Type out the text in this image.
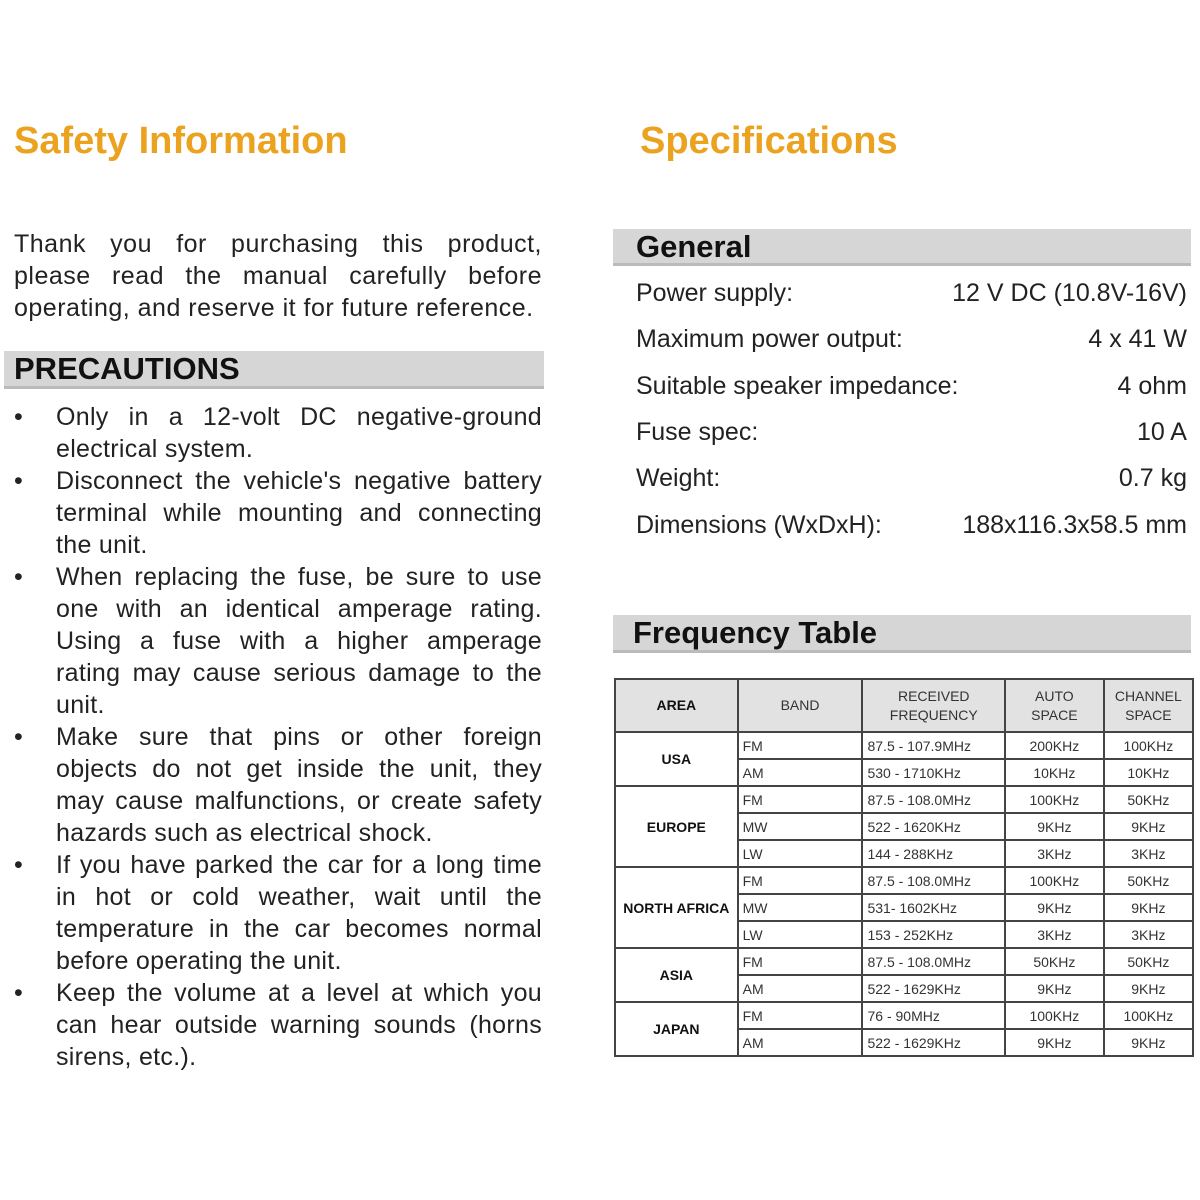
Safety Information
Thank you for purchasing this product, please read the manual carefully before operating, and reserve it for future reference.
PRECAUTIONS
• Only in a 12-volt DC negative-ground electrical system.
• Disconnect the vehicle's negative battery terminal while mounting and connecting the unit.
• When replacing the fuse, be sure to use one with an identical amperage rating. Using a fuse with a higher amperage rating may cause serious damage to the unit.
• Make sure that pins or other foreign objects do not get inside the unit, they may cause malfunctions, or create safety hazards such as electrical shock.
• If you have parked the car for a long time in hot or cold weather, wait until the temperature in the car becomes normal before operating the unit.
• Keep the volume at a level at which you can hear outside warning sounds (horns sirens, etc.).
Specifications
General
Power supply:	12 V DC (10.8V-16V)
Maximum power output:	4 x 41 W
Suitable speaker impedance:	4 ohm
Fuse spec:	10 A
Weight:	0.7 kg
Dimensions (WxDxH):	188x116.3x58.5 mm
Frequency Table
AREA	BAND	RECEIVED FREQUENCY	AUTO SPACE	CHANNEL SPACE
USA	FM	87.5 - 107.9MHz	200KHz	100KHz
	AM	530 - 1710KHz	10KHz	10KHz
EUROPE	FM	87.5 - 108.0MHz	100KHz	50KHz
	MW	522 - 1620KHz	9KHz	9KHz
	LW	144 - 288KHz	3KHz	3KHz
NORTH AFRICA	FM	87.5 - 108.0MHz	100KHz	50KHz
	MW	531- 1602KHz	9KHz	9KHz
	LW	153 - 252KHz	3KHz	3KHz
ASIA	FM	87.5 - 108.0MHz	50KHz	50KHz
	AM	522 - 1629KHz	9KHz	9KHz
JAPAN	FM	76 - 90MHz	100KHz	100KHz
	AM	522 - 1629KHz	9KHz	9KHz
